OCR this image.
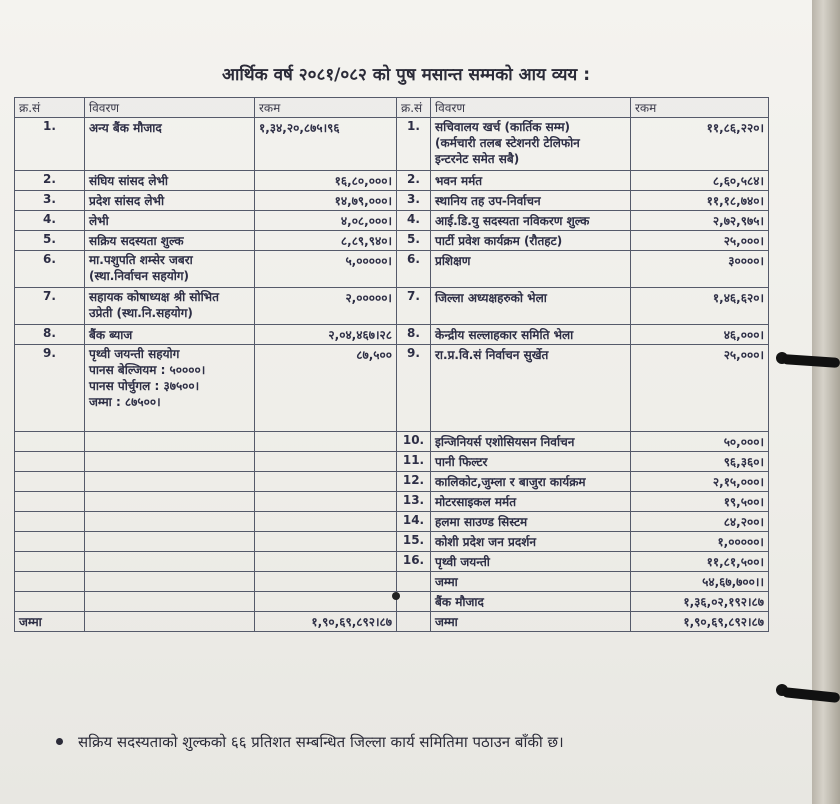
आर्थिक वर्ष २०८१/०८२ को पुष मसान्त सम्मको आय व्यय :
क्र.सं	विवरण	रकम	क्र.सं	विवरण	रकम
1.	अन्य बैंक मौजाद	१,३४,२०,८७५।९६	1.	सचिवालय खर्च (कार्तिक सम्म)
(कर्मचारी तलब स्टेशनरी टेलिफोन
इन्टरनेट समेत सबै)	११,८६,२२०।
2.	संघिय सांसद लेभी	१६,८०,०००।	2.	भवन मर्मत	८,६०,५८४।
3.	प्रदेश सांसद लेभी	१४,७९,०००।	3.	स्थानिय तह उप-निर्वाचन	११,१८,७४०।
4.	लेभी	४,०८,०००।	4.	आई.डि.यु सदस्यता नविकरण शुल्क	२,७२,९७५।
5.	सक्रिय सदस्यता शुल्क	८,८९,९४०।	5.	पार्टी प्रवेश कार्यक्रम (रौतहट)	२५,०००।
6.	मा.पशुपति शम्सेर जबरा
(स्था.निर्वाचन सहयोग)	५,०००००।	6.	प्रशिक्षण	३००००।
7.	सहायक कोषाध्यक्ष श्री सोभित
उप्रेती (स्था.नि.सहयोग)	२,०००००।	7.	जिल्ला अध्यक्षहरुको भेला	१,४६,६२०।
8.	बैंक ब्याज	२,०४,४६७।२८	8.	केन्द्रीय सल्लाहकार समिति भेला	४६,०००।
9.	पृथ्वी जयन्ती सहयोग
पानस बेल्जियम : ५००००।
पानस पोर्चुगल : ३७५००।
जम्मा : ८७५००।	८७,५००	9.	रा.प्र.वि.सं निर्वाचन सुर्खेत	२५,०००।
			10.	इन्जिनियर्स एशोसियसन निर्वाचन	५०,०००।
			11.	पानी फिल्टर	९६,३६०।
			12.	कालिकोट,जुम्ला र बाजुरा कार्यक्रम	२,१५,०००।
			13.	मोटरसाइकल मर्मत	१९,५००।
			14.	हलमा साउण्ड सिस्टम	८४,२००।
			15.	कोशी प्रदेश जन प्रदर्शन	१,०००००।
			16.	पृथ्वी जयन्ती	११,८१,५००।
				जम्मा	५४,६७,७००।।
				बैंक मौजाद	१,३६,०२,१९२।८७
जम्मा		१,९०,६९,८९२।८७		जम्मा	१,९०,६९,८९२।८७
सक्रिय सदस्यताको शुल्कको ६६ प्रतिशत सम्बन्धित जिल्ला कार्य समितिमा पठाउन बाँकी छ।
